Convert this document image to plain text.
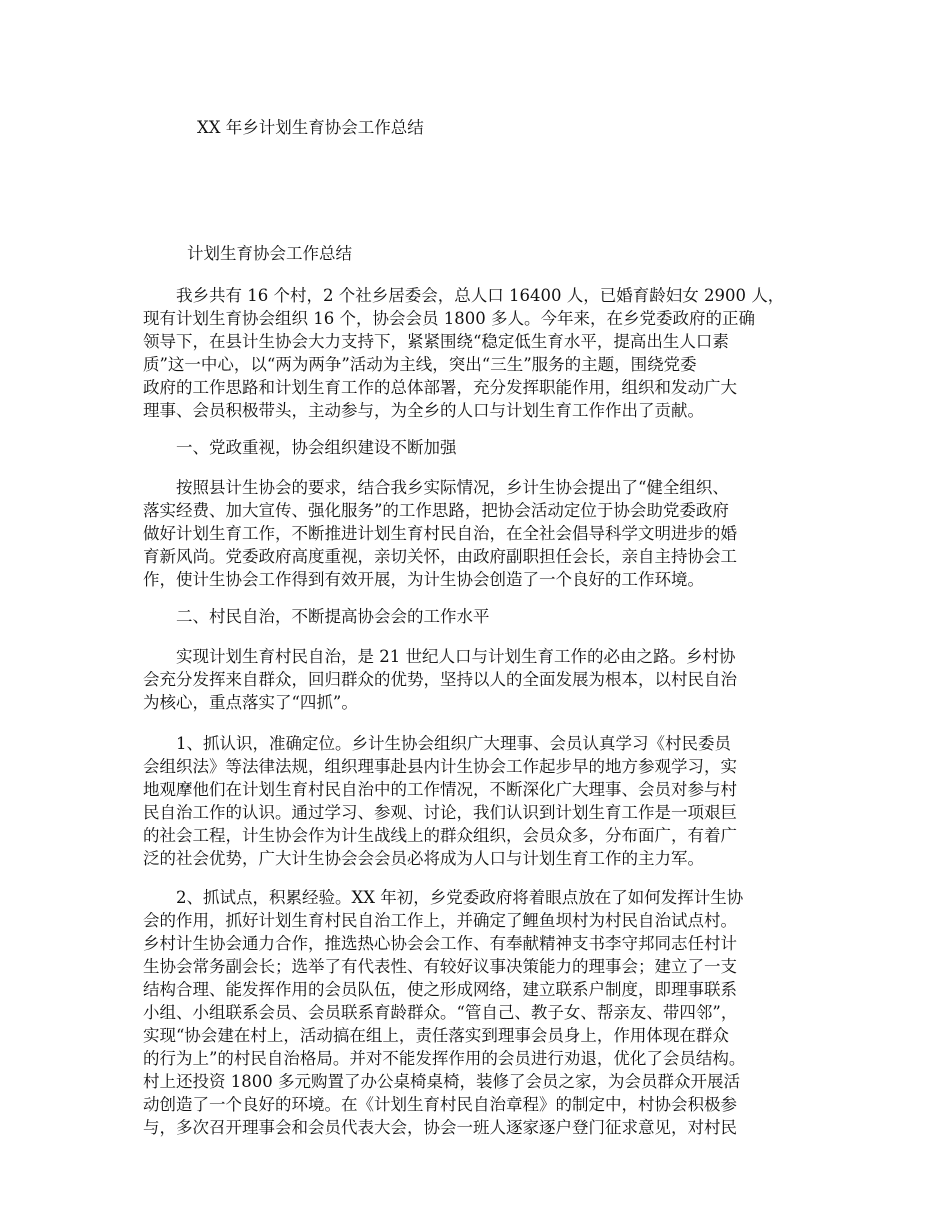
XX 年乡计划生育协会工作总结
计划生育协会工作总结
　　我乡共有 16 个村，2 个社乡居委会，总人口 16400 人，已婚育龄妇女 2900 人，
现有计划生育协会组织 16 个，协会会员 1800 多人。今年来，在乡党委政府的正确
领导下，在县计生协会大力支持下，紧紧围绕“稳定低生育水平，提高出生人口素
质”这一中心，以“两为两争”活动为主线，突出“三生”服务的主题，围绕党委
政府的工作思路和计划生育工作的总体部署，充分发挥职能作用，组织和发动广大
理事、会员积极带头，主动参与，为全乡的人口与计划生育工作作出了贡献。
　　一、党政重视，协会组织建设不断加强
　　按照县计生协会的要求，结合我乡实际情况，乡计生协会提出了“健全组织、
落实经费、加大宣传、强化服务”的工作思路，把协会活动定位于协会助党委政府
做好计划生育工作，不断推进计划生育村民自治，在全社会倡导科学文明进步的婚
育新风尚。党委政府高度重视，亲切关怀，由政府副职担任会长，亲自主持协会工
作，使计生协会工作得到有效开展，为计生协会创造了一个良好的工作环境。
　　二、村民自治，不断提高协会会的工作水平
　　实现计划生育村民自治，是 21 世纪人口与计划生育工作的必由之路。乡村协
会充分发挥来自群众，回归群众的优势，坚持以人的全面发展为根本，以村民自治
为核心，重点落实了“四抓”。
　　1、抓认识，准确定位。乡计生协会组织广大理事、会员认真学习《村民委员
会组织法》等法律法规，组织理事赴县内计生协会工作起步早的地方参观学习，实
地观摩他们在计划生育村民自治中的工作情况，不断深化广大理事、会员对参与村
民自治工作的认识。通过学习、参观、讨论，我们认识到计划生育工作是一项艰巨
的社会工程，计生协会作为计生战线上的群众组织，会员众多，分布面广，有着广
泛的社会优势，广大计生协会会会员必将成为人口与计划生育工作的主力军。
　　2、抓试点，积累经验。XX 年初，乡党委政府将着眼点放在了如何发挥计生协
会的作用，抓好计划生育村民自治工作上，并确定了鲤鱼坝村为村民自治试点村。
乡村计生协会通力合作，推选热心协会会工作、有奉献精神支书李守邦同志任村计
生协会常务副会长；选举了有代表性、有较好议事决策能力的理事会；建立了一支
结构合理、能发挥作用的会员队伍，使之形成网络，建立联系户制度，即理事联系
小组、小组联系会员、会员联系育龄群众。“管自己、教子女、帮亲友、带四邻”，
实现“协会建在村上，活动搞在组上，责任落实到理事会员身上，作用体现在群众
的行为上”的村民自治格局。并对不能发挥作用的会员进行劝退，优化了会员结构。
村上还投资 1800 多元购置了办公桌椅桌椅，装修了会员之家，为会员群众开展活
动创造了一个良好的环境。在《计划生育村民自治章程》的制定中，村协会积极参
与，多次召开理事会和会员代表大会，协会一班人逐家逐户登门征求意见，对村民
